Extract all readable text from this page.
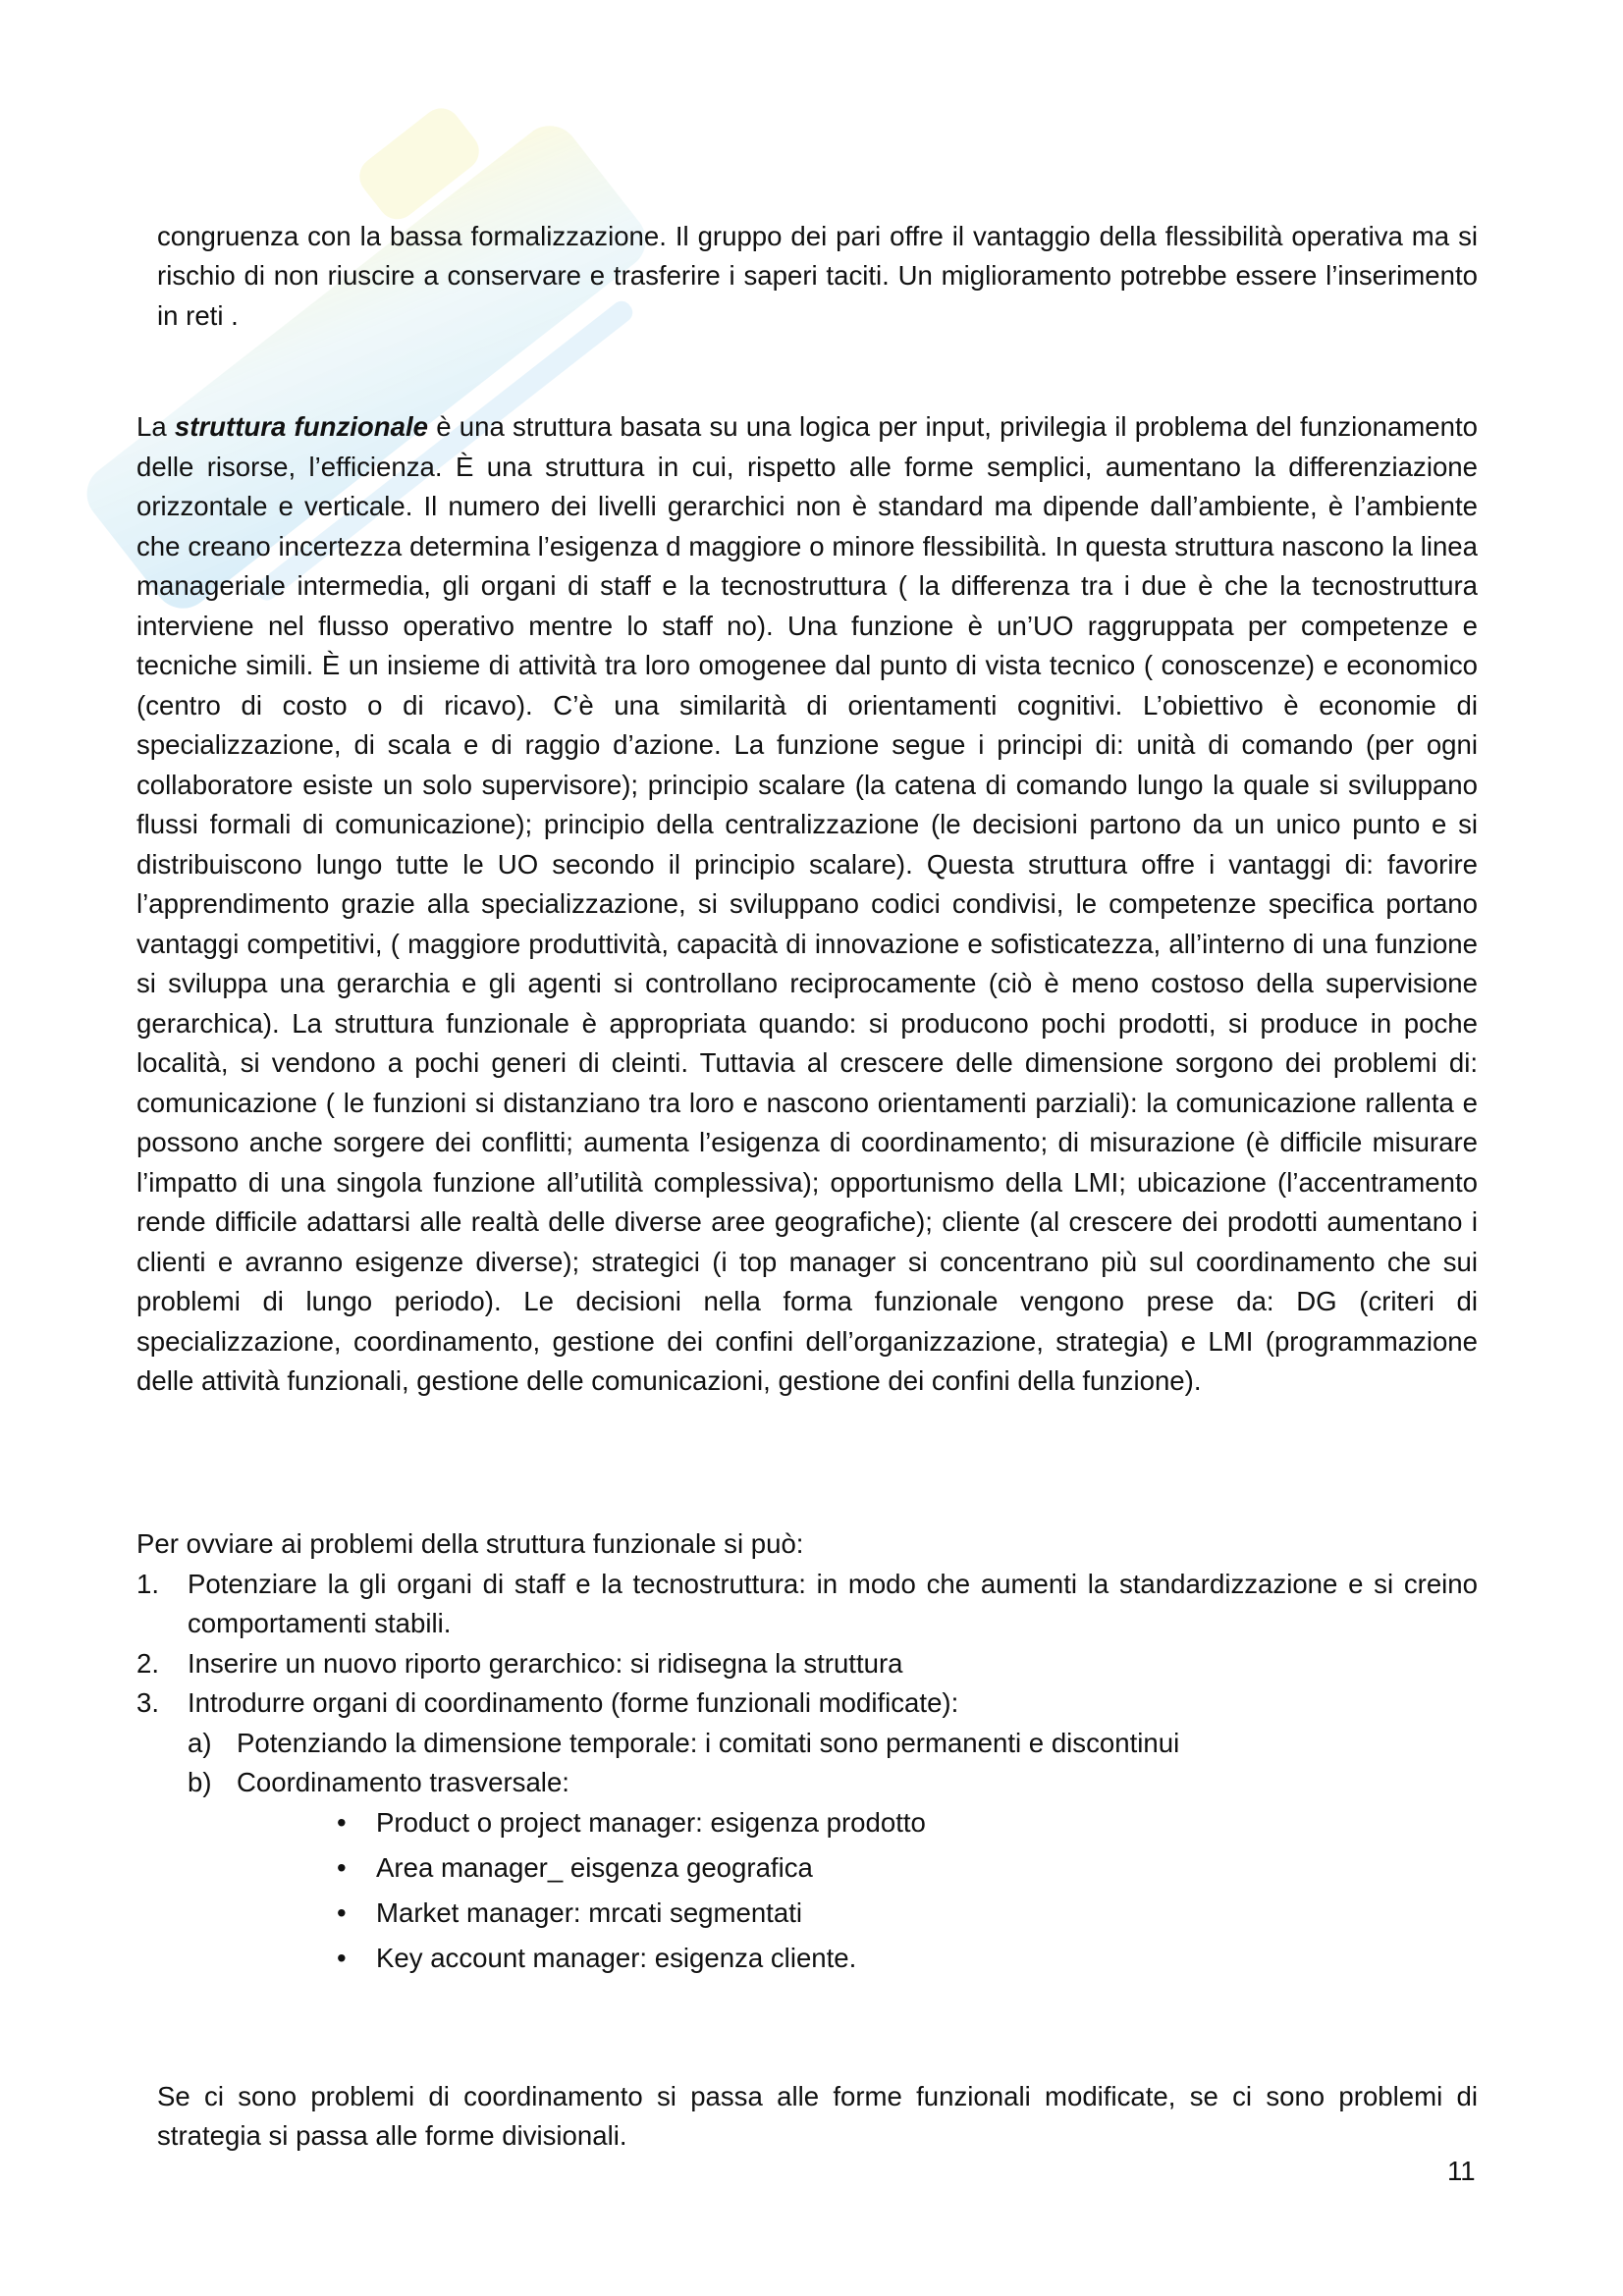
congruenza con la bassa formalizzazione. Il gruppo dei pari offre il vantaggio della flessibilità operativa ma si rischio di non riuscire a conservare e trasferire i saperi taciti. Un miglioramento potrebbe essere l’inserimento in reti .

La struttura funzionale è una struttura basata su una logica per input, privilegia il problema del funzionamento delle risorse, l’efficienza. È una struttura in cui, rispetto alle forme semplici, aumentano la differenziazione orizzontale e verticale. Il numero dei livelli gerarchici non è standard ma dipende dall’ambiente, è l’ambiente che creano incertezza determina l’esigenza d maggiore o minore flessibilità. In questa struttura nascono la linea manageriale intermedia, gli organi di staff e la tecnostruttura ( la differenza tra i due è che la tecnostruttura interviene nel flusso operativo mentre lo staff no). Una funzione è un’UO raggruppata per competenze e tecniche simili. È un insieme di attività tra loro omogenee dal punto di vista tecnico ( conoscenze) e economico (centro di costo o di ricavo). C’è una similarità di orientamenti cognitivi. L’obiettivo è economie di specializzazione, di scala e di raggio d’azione. La funzione segue i principi di: unità di comando (per ogni collaboratore esiste un solo supervisore); principio scalare (la catena di comando lungo la quale si sviluppano flussi formali di comunicazione); principio della centralizzazione (le decisioni partono da un unico punto e si distribuiscono lungo tutte le UO secondo il principio scalare). Questa struttura offre i vantaggi di: favorire l’apprendimento grazie alla specializzazione, si sviluppano codici condivisi, le competenze specifica portano vantaggi competitivi, ( maggiore produttività, capacità di innovazione e sofisticatezza, all’interno di una funzione si sviluppa una gerarchia e gli agenti si controllano reciprocamente (ciò è meno costoso della supervisione gerarchica). La struttura funzionale è appropriata quando: si producono pochi prodotti, si produce in poche località, si vendono a pochi generi di cleinti. Tuttavia al crescere delle dimensione sorgono dei problemi di: comunicazione ( le funzioni si distanziano tra loro e nascono orientamenti parziali): la comunicazione rallenta e possono anche sorgere dei conflitti; aumenta l’esigenza di coordinamento; di misurazione (è difficile misurare l’impatto di una singola funzione all’utilità complessiva); opportunismo della LMI; ubicazione (l’accentramento rende difficile adattarsi alle realtà delle diverse aree geografiche); cliente (al crescere dei prodotti aumentano i clienti e avranno esigenze diverse); strategici (i top manager si concentrano più sul coordinamento che sui problemi di lungo periodo). Le decisioni nella forma funzionale vengono prese da: DG (criteri di specializzazione, coordinamento, gestione dei confini dell’organizzazione, strategia) e LMI (programmazione delle attività funzionali, gestione delle comunicazioni, gestione dei confini della funzione).
Per ovviare ai problemi della struttura funzionale si può:
1. Potenziare la gli organi di staff e la tecnostruttura: in modo che aumenti la standardizzazione e si creino comportamenti stabili.
2. Inserire un nuovo riporto gerarchico: si ridisegna la struttura
3. Introdurre organi di coordinamento (forme funzionali modificate):
a) Potenziando la dimensione temporale: i comitati sono permanenti e discontinui
b) Coordinamento trasversale:
• Product o project manager: esigenza prodotto
• Area manager_ eisgenza geografica
• Market manager: mrcati segmentati
• Key account manager: esigenza cliente.

Se ci sono problemi di coordinamento si passa alle forme funzionali modificate, se ci sono problemi di strategia si passa alle forme divisionali.

11
